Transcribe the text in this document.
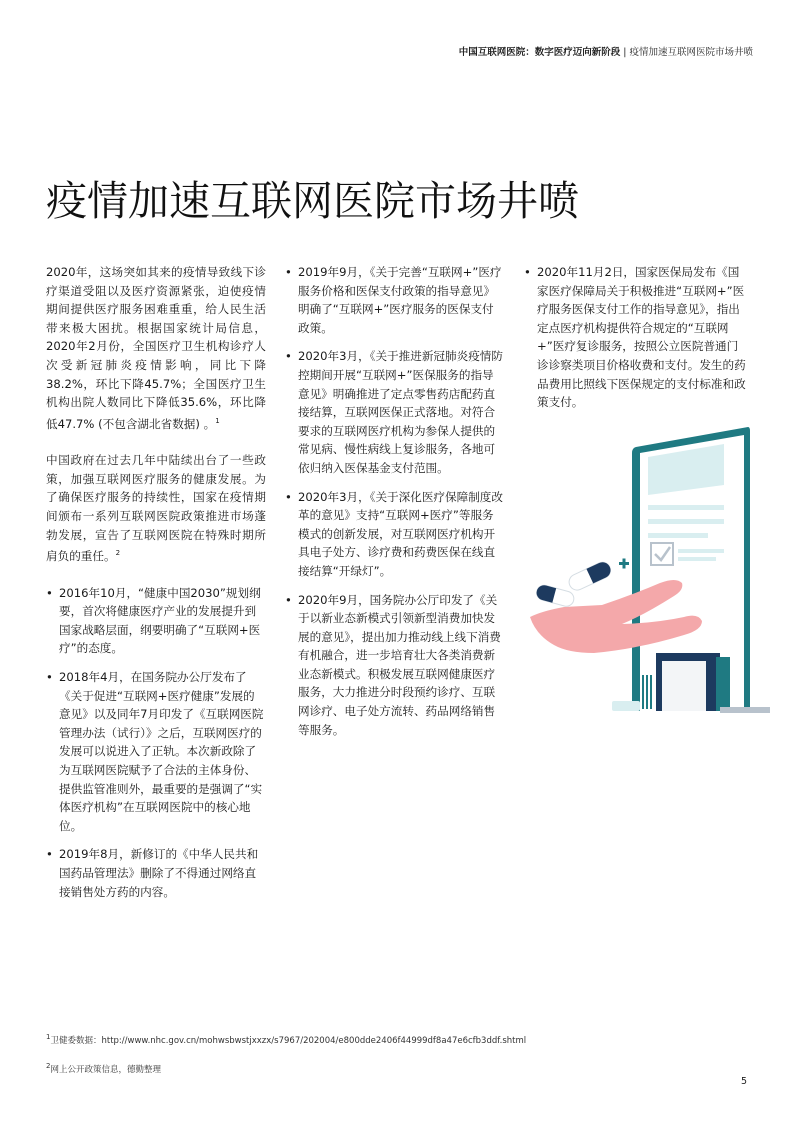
中国互联网医院：数字医疗迈向新阶段 | 疫情加速互联网医院市场井喷
疫情加速互联网医院市场井喷

2020年，这场突如其来的疫情导致线下诊疗渠道受阻以及医疗资源紧张，迫使疫情期间提供医疗服务困难重重，给人民生活带来极大困扰。根据国家统计局信息，2020年2月份，全国医疗卫生机构诊疗人次受新冠肺炎疫情影响，同比下降38.2%，环比下降45.7%；全国医疗卫生机构出院人数同比下降低35.6%，环比降低47.7% (不包含湖北省数据) 。$^1$

中国政府在过去几年中陆续出台了一些政策，加强互联网医疗服务的健康发展。为了确保医疗服务的持续性，国家在疫情期间颁布一系列互联网医院政策推进市场蓬勃发展，宣告了互联网医院在特殊时期所肩负的重任。$^2$

• 2016年10月，“健康中国2030”规划纲要，首次将健康医疗产业的发展提升到国家战略层面，纲要明确了“互联网+医疗”的态度。
• 2018年4月，在国务院办公厅发布了《关于促进“互联网+医疗健康”发展的意见》以及同年7月印发了《互联网医院管理办法（试行）》之后，互联网医疗的发展可以说进入了正轨。本次新政除了为互联网医院赋予了合法的主体身份、提供监管准则外，最重要的是强调了“实体医疗机构”在互联网医院中的核心地位。
• 2019年8月，新修订的《中华人民共和国药品管理法》删除了不得通过网络直接销售处方药的内容。
• 2019年9月，《关于完善“互联网+”医疗服务价格和医保支付政策的指导意见》明确了“互联网+”医疗服务的医保支付政策。
• 2020年3月，《关于推进新冠肺炎疫情防控期间开展“互联网+”医保服务的指导意见》明确推进了定点零售药店配药直接结算，互联网医保正式落地。对符合要求的互联网医疗机构为参保人提供的常见病、慢性病线上复诊服务，各地可依归纳入医保基金支付范围。
• 2020年3月，《关于深化医疗保障制度改革的意见》支持“互联网+医疗”等服务模式的创新发展，对互联网医疗机构开具电子处方、诊疗费和药费医保在线直接结算“开绿灯”。
• 2020年9月，国务院办公厅印发了《关于以新业态新模式引领新型消费加快发展的意见》，提出加力推动线上线下消费有机融合，进一步培育壮大各类消费新业态新模式。积极发展互联网健康医疗服务，大力推进分时段预约诊疗、互联网诊疗、电子处方流转、药品网络销售等服务。
• 2020年11月2日，国家医保局发布《国家医疗保障局关于积极推进“互联网+”医疗服务医保支付工作的指导意见》，指出定点医疗机构提供符合规定的“互联网+”医疗复诊服务，按照公立医院普通门诊诊察类项目价格收费和支付。发生的药品费用比照线下医保规定的支付标准和政策支付。
$^1$卫健委数据：http://www.nhc.gov.cn/mohwsbwstjxxzx/s7967/202004/e800dde2406f44999df8a47e6cfb3ddf.shtml
$^2$网上公开政策信息，德勤整理
5
